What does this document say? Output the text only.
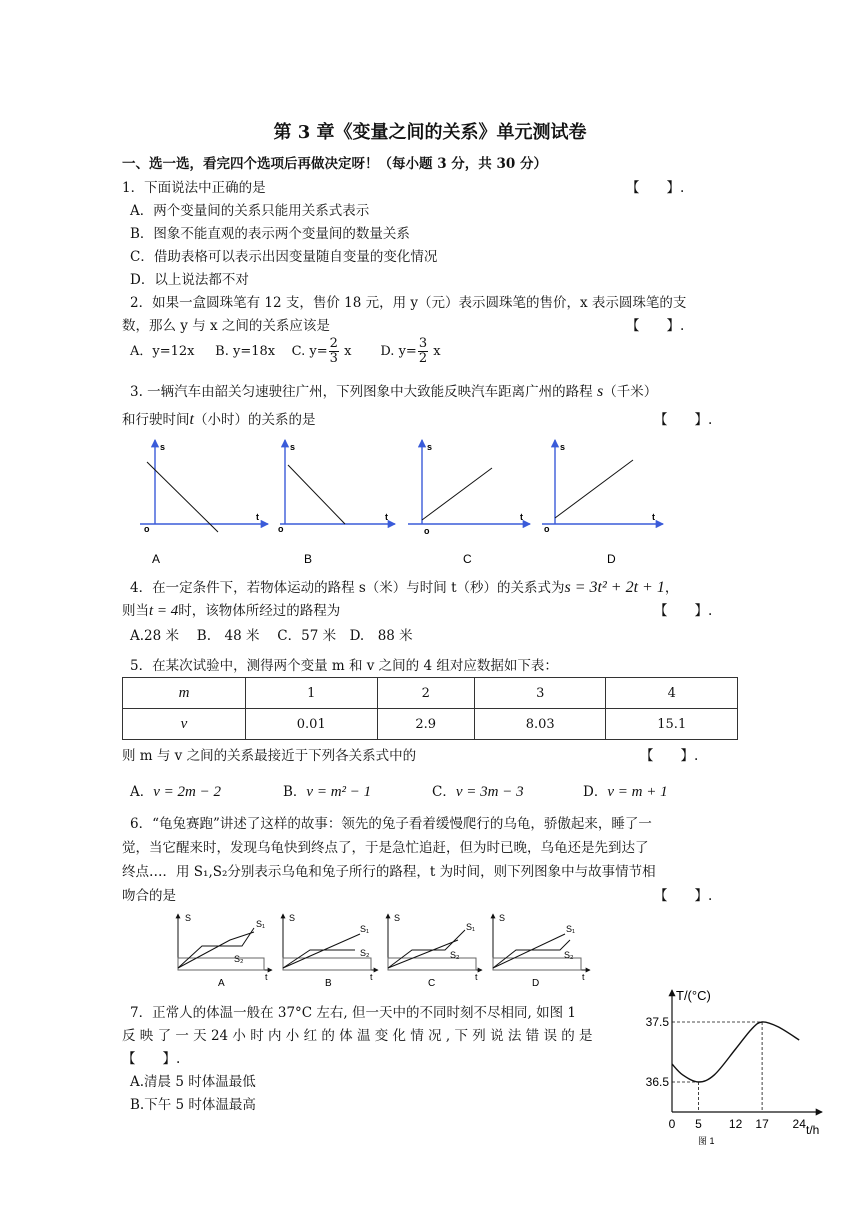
第 3 章《变量之间的关系》单元测试卷
一、选一选，看完四个选项后再做决定呀！（每小题 3 分，共 30 分）
1．下面说法中正确的是	【　　】.
A．两个变量间的关系只能用关系式表示
B．图象不能直观的表示两个变量间的数量关系
C．借助表格可以表示出因变量随自变量的变化情况
D．以上说法都不对
2．如果一盒圆珠笔有 12 支，售价 18 元，用 y（元）表示圆珠笔的售价，x 表示圆珠笔的支
数，那么 y 与 x 之间的关系应该是	【　　】.
A．y=12x B. y=18x C. $y= \frac{2}{3}$ x D. $y= \frac{3}{2}$ x
3. 一辆汽车由韶关匀速驶往广州，下列图象中大致能反映汽车距离广州的路程 s（千米）
和行驶时间t（小时）的关系的是	【　　】.
s
t
o
s
t
o
s
t
o
s
t
o
A	B	C	D
4．在一定条件下，若物体运动的路程 s（米）与时间 t（秒）的关系式为s = 3t² + 2t + 1，
则当t = 4时，该物体所经过的路程为	【　　】.
A.28 米　 B.　48 米　 C．57 米　D.　88 米
5．在某次试验中，测得两个变量 m 和 v 之间的 4 组对应数据如下表：
m	1	2	3	4
v	0.01	2.9	8.03	15.1
则 m 与 v 之间的关系最接近于下列各关系式中的	【　　】.
A．v = 2m − 2	B．v = m² − 1	C．v = 3m − 3	D．v = m + 1
6．“龟兔赛跑”讲述了这样的故事：领先的兔子看着缓慢爬行的乌龟，骄傲起来，睡了一
觉，当它醒来时，发现乌龟快到终点了，于是急忙追赶，但为时已晚，乌龟还是先到达了
终点…．用 S₁,S₂分别表示乌龟和兔子所行的路程，t 为时间，则下列图象中与故事情节相
吻合的是	【　　】.
S
S₁
S₂
t
A
S
S₁
S₂
t
B
S
S₁
S₂
t
C
S
S₁
S₂
t
D
7．正常人的体温一般在 37°C 左右, 但一天中的不同时刻不尽相同, 如图 1
反 映 了 一 天 24 小 时 内 小 红 的 体 温 变 化 情 况 , 下 列 说 法 错 误 的 是
【　　】.
A.清晨 5 时体温最低
B.下午 5 时体温最高
0 5 12 17 24
36.5
37.5
T/(°C)
t/h
图 1
